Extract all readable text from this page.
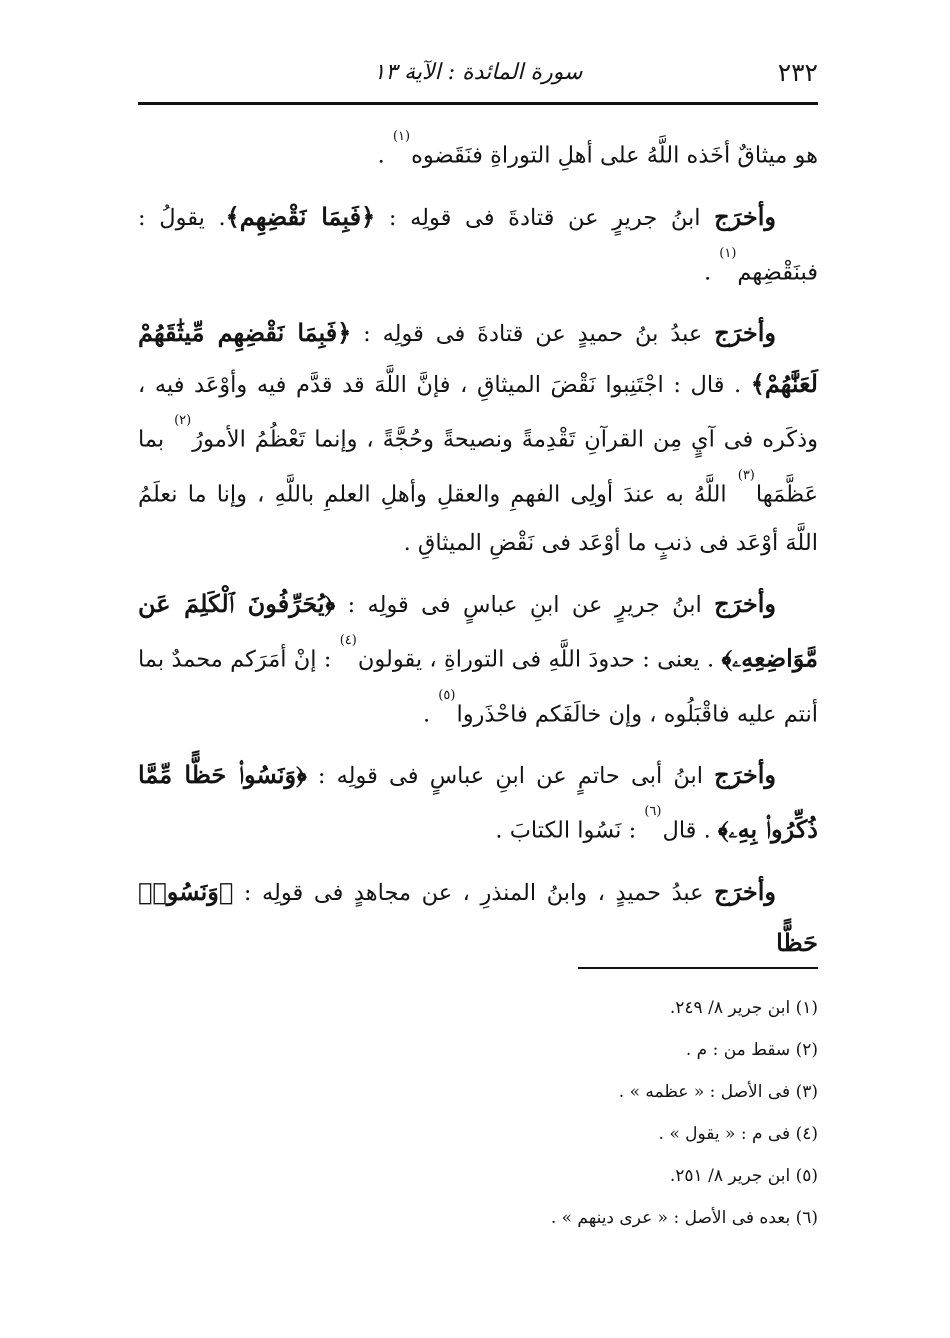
٢٣٢
سورة المائدة : الآية ١٣

هو ميثاقٌ أخَذه اللَّهُ على أهلِ التوراةِ فنَقَضوه$^{(١)}$ .

وأخرَج ابنُ جريرٍ عن قتادةَ فى قولِه : ﴿فَبِمَا نَقْضِهِم﴾. يقولُ : فبنَقْضِهم$^{(١)}$ .

وأخرَج عبدُ بنُ حميدٍ عن قتادةَ فى قولِه : ﴿فَبِمَا نَقْضِهِم مِّيثَٰقَهُمْ لَعَنَّٰهُمْ﴾ . قال : اجْتَنِبوا نَقْضَ الميثاقِ ، فإنَّ اللَّهَ قد قدَّم فيه وأوْعَد فيه ، وذكَره فى آيٍ مِن القرآنِ تَقْدِمةً ونصيحةً وحُجَّةً ، وإنما تَعْظُمُ الأمورُ$^{(٢)}$ بما عَظَّمَها$^{(٣)}$ اللَّهُ به عندَ أولِى الفهمِ والعقلِ وأهلِ العلمِ باللَّهِ ، وإنا ما نعلَمُ اللَّهَ أوْعَد فى ذنبٍ ما أوْعَد فى نَقْضِ الميثاقِ .

وأخرَج ابنُ جريرٍ عن ابنِ عباسٍ فى قولِه : ﴿يُحَرِّفُونَ ٱلْكَلِمَ عَن مَّوَاضِعِهِۦ﴾ . يعنى : حدودَ اللَّهِ فى التوراةِ ، يقولون$^{(٤)}$ : إنْ أمَرَكم محمدٌ بما أنتم عليه فاقْبَلُوه ، وإن خالَفَكم فاحْذَروا$^{(٥)}$ .

وأخرَج ابنُ أبى حاتمٍ عن ابنِ عباسٍ فى قولِه : ﴿وَنَسُوا۟ حَظًّا مِّمَّا ذُكِّرُوا۟ بِهِۦ﴾ . قال$^{(٦)}$ : نَسُوا الكتابَ .

وأخرَج عبدُ حميدٍ ، وابنُ المنذرِ ، عن مجاهدٍ فى قولِه : ﴿وَنَسُوا۟ حَظًّا

(١) ابن جرير ٨/ ٢٤٩.
(٢) سقط من : م .
(٣) فى الأصل : « عظمه » .
(٤) فى م : « يقول » .
(٥) ابن جرير ٨/ ٢٥١.
(٦) بعده فى الأصل : « عرى دينهم » .
